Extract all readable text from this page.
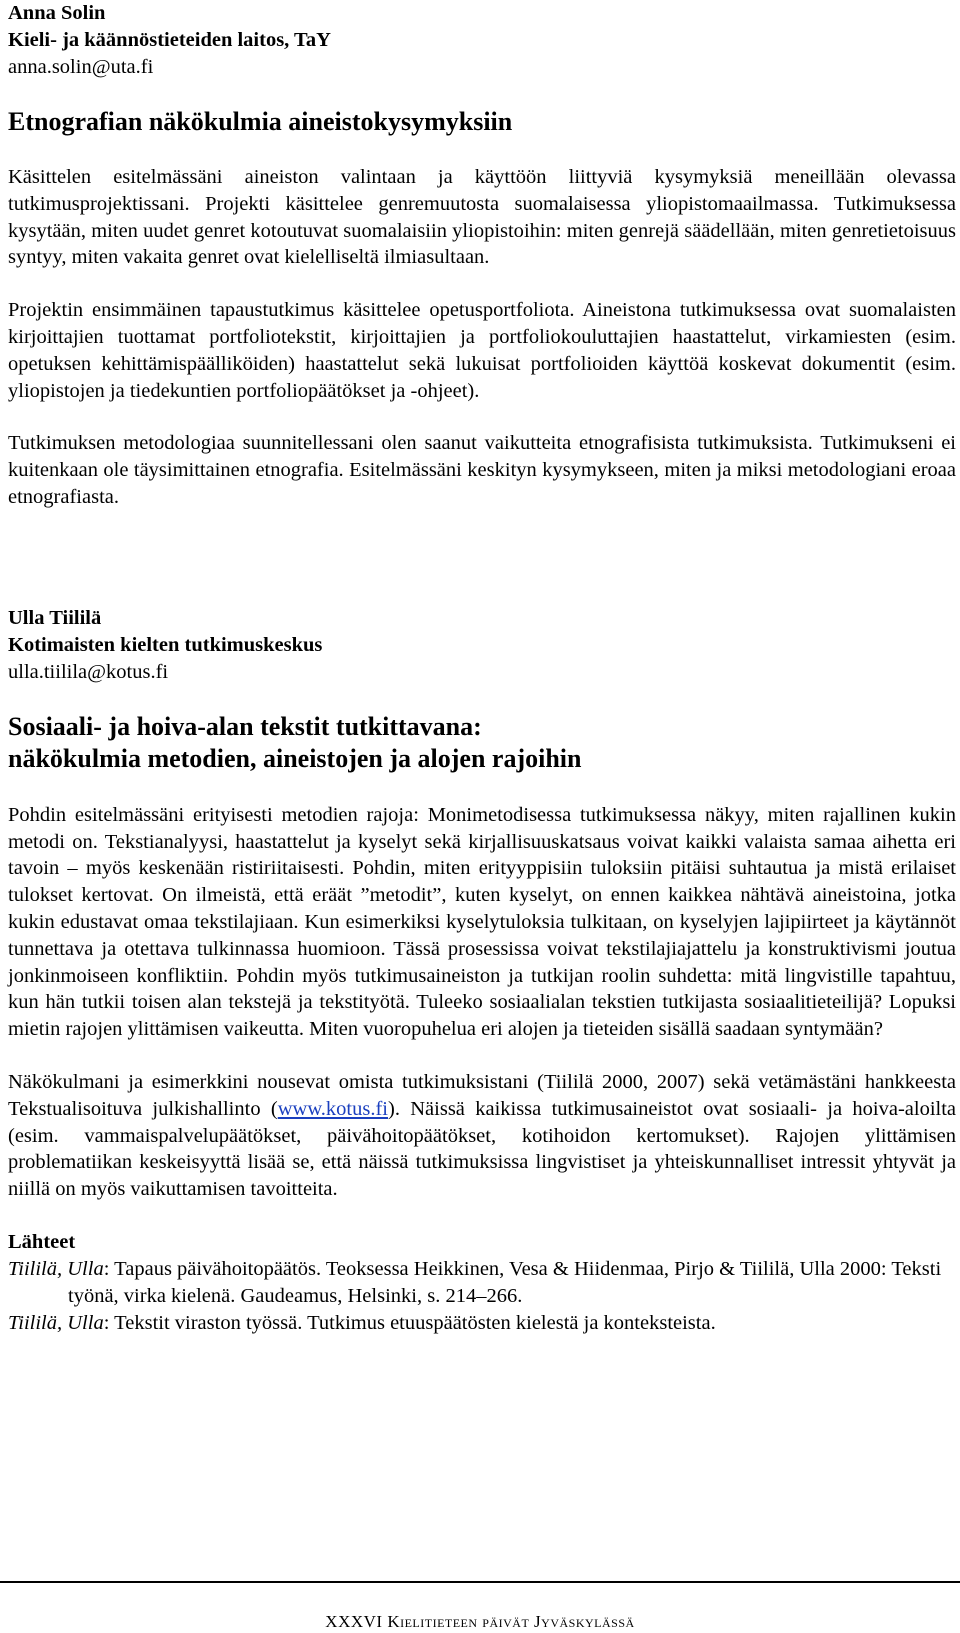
Anna Solin
Kieli- ja käännöstieteiden laitos, TaY
anna.solin@uta.fi
Etnografian näkökulmia aineistokysymyksiin

Käsittelen esitelmässäni aineiston valintaan ja käyttöön liittyviä kysymyksiä meneillään olevassa tutkimusprojektissani. Projekti käsittelee genremuutosta suomalaisessa yliopistomaailmassa. Tutkimuksessa kysytään, miten uudet genret kotoutuvat suomalaisiin yliopistoihin: miten genrejä säädellään, miten genretietoisuus syntyy, miten vakaita genret ovat kielelliseltä ilmiasultaan.

Projektin ensimmäinen tapaustutkimus käsittelee opetusportfoliota. Aineistona tutkimuksessa ovat suomalaisten kirjoittajien tuottamat portfoliotekstit, kirjoittajien ja portfoliokouluttajien haastattelut, virkamiesten (esim. opetuksen kehittämispäälliköiden) haastattelut sekä lukuisat portfolioiden käyttöä koskevat dokumentit (esim. yliopistojen ja tiedekuntien portfoliopäätökset ja -ohjeet).

Tutkimuksen metodologiaa suunnitellessani olen saanut vaikutteita etnografisista tutkimuksista. Tutkimukseni ei kuitenkaan ole täysimittainen etnografia. Esitelmässäni keskityn kysymykseen, miten ja miksi metodologiani eroaa etnografiasta.

Ulla Tiililä
Kotimaisten kielten tutkimuskeskus
ulla.tiilila@kotus.fi
Sosiaali- ja hoiva-alan tekstit tutkittavana:
näkökulmia metodien, aineistojen ja alojen rajoihin

Pohdin esitelmässäni erityisesti metodien rajoja: Monimetodisessa tutkimuksessa näkyy, miten rajallinen kukin metodi on. Tekstianalyysi, haastattelut ja kyselyt sekä kirjallisuuskatsaus voivat kaikki valaista samaa aihetta eri tavoin – myös keskenään ristiriitaisesti. Pohdin, miten erityyppisiin tuloksiin pitäisi suhtautua ja mistä erilaiset tulokset kertovat. On ilmeistä, että eräät ”metodit”, kuten kyselyt, on ennen kaikkea nähtävä aineistoina, jotka kukin edustavat omaa tekstilajiaan. Kun esimerkiksi kyselytuloksia tulkitaan, on kyselyjen lajipiirteet ja käytännöt tunnettava ja otettava tulkinnassa huomioon. Tässä prosessissa voivat tekstilajiajattelu ja konstruktivismi joutua jonkinmoiseen konfliktiin. Pohdin myös tutkimusaineiston ja tutkijan roolin suhdetta: mitä lingvistille tapahtuu, kun hän tutkii toisen alan tekstejä ja tekstityötä. Tuleeko sosiaalialan tekstien tutkijasta sosiaalitieteilijä? Lopuksi mietin rajojen ylittämisen vaikeutta. Miten vuoropuhelua eri alojen ja tieteiden sisällä saadaan syntymään?

Näkökulmani ja esimerkkini nousevat omista tutkimuksistani (Tiililä 2000, 2007) sekä vetämästäni hankkeesta Tekstualisoituva julkishallinto (www.kotus.fi). Näissä kaikissa tutkimusaineistot ovat sosiaali- ja hoiva-aloilta (esim. vammaispalvelupäätökset, päivähoitopäätökset, kotihoidon kertomukset). Rajojen ylittämisen problematiikan keskeisyyttä lisää se, että näissä tutkimuksissa lingvistiset ja yhteiskunnalliset intressit yhtyvät ja niillä on myös vaikuttamisen tavoitteita.

Lähteet
Tiililä, Ulla: Tapaus päivähoitopäätös. Teoksessa Heikkinen, Vesa & Hiidenmaa, Pirjo & Tiililä, Ulla 2000: Teksti työnä, virka kielenä. Gaudeamus, Helsinki, s. 214–266.
Tiililä, Ulla: Tekstit viraston työssä. Tutkimus etuuspäätösten kielestä ja konteksteista.
XXXVI Kielitieteen päivät Jyväskylässä
